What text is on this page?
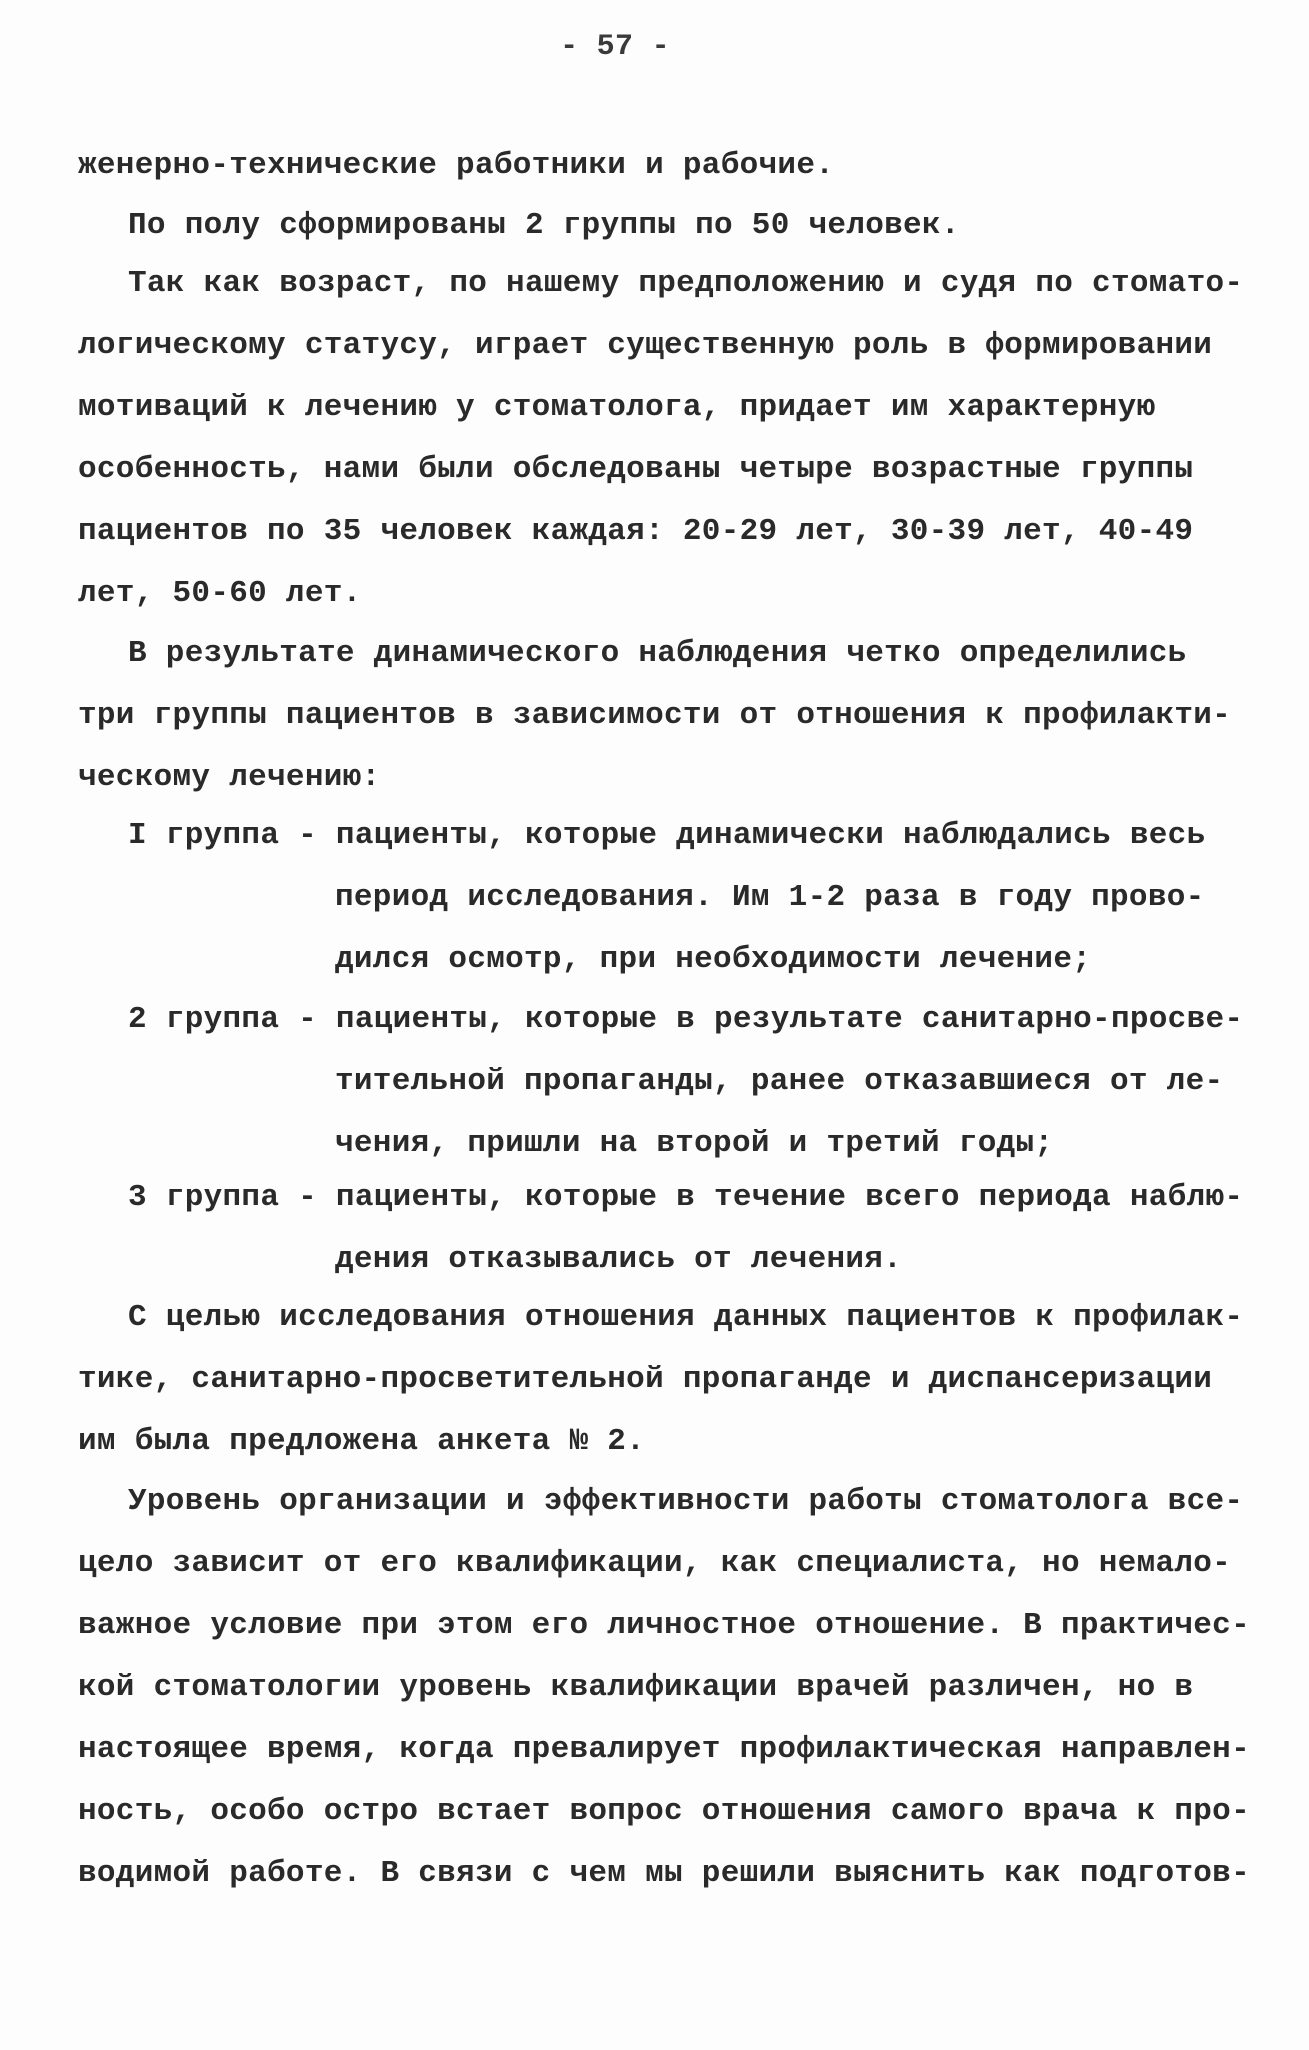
- 57 -
женерно-технические работники и рабочие.
По полу сформированы 2 группы по 50 человек.
Так как возраст, по нашему предположению и судя по стомато-
логическому статусу, играет существенную роль в формировании
мотиваций к лечению у стоматолога, придает им характерную
особенность, нами были обследованы четыре возрастные группы
пациентов по 35 человек каждая: 20-29 лет, 30-39 лет, 40-49
лет, 50-60 лет.
В результате динамического наблюдения четко определились
три группы пациентов в зависимости от отношения к профилакти-
ческому лечению:
I группа - пациенты, которые динамически наблюдались весь
период исследования. Им 1-2 раза в году прово-
дился осмотр, при необходимости лечение;
2 группа - пациенты, которые в результате санитарно-просве-
тительной пропаганды, ранее отказавшиеся от ле-
чения, пришли на второй и третий годы;
3 группа - пациенты, которые в течение всего периода наблю-
дения отказывались от лечения.
С целью исследования отношения данных пациентов к профилак-
тике, санитарно-просветительной пропаганде и диспансеризации
им была предложена анкета № 2.
Уровень организации и эффективности работы стоматолога все-
цело зависит от его квалификации, как специалиста, но немало-
важное условие при этом его личностное отношение. В практичес-
кой стоматологии уровень квалификации врачей различен, но в
настоящее время, когда превалирует профилактическая направлен-
ность, особо остро встает вопрос отношения самого врача к про-
водимой работе. В связи с чем мы решили выяснить как подготов-
